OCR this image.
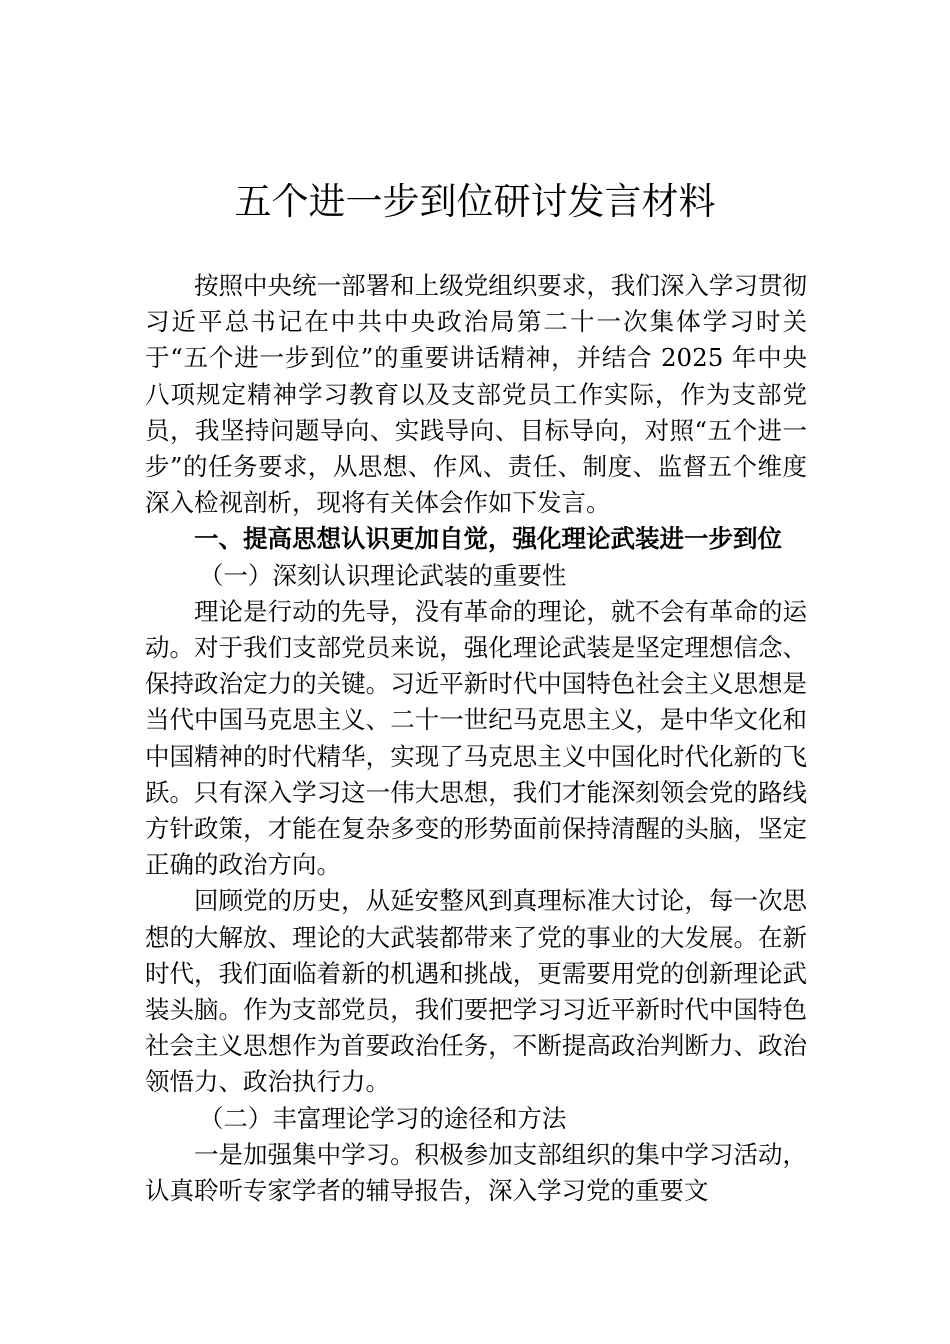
五个进一步到位研讨发言材料

按照中央统一部署和上级党组织要求，我们深入学习贯彻习近平总书记在中共中央政治局第二十一次集体学习时关于“五个进一步到位”的重要讲话精神，并结合 2025 年中央八项规定精神学习教育以及支部党员工作实际，作为支部党员，我坚持问题导向、实践导向、目标导向，对照“五个进一步”的任务要求，从思想、作风、责任、制度、监督五个维度深入检视剖析，现将有关体会作如下发言。

一、提高思想认识更加自觉，强化理论武装进一步到位

（一）深刻认识理论武装的重要性

理论是行动的先导，没有革命的理论，就不会有革命的运动。对于我们支部党员来说，强化理论武装是坚定理想信念、保持政治定力的关键。习近平新时代中国特色社会主义思想是当代中国马克思主义、二十一世纪马克思主义，是中华文化和中国精神的时代精华，实现了马克思主义中国化时代化新的飞跃。只有深入学习这一伟大思想，我们才能深刻领会党的路线方针政策，才能在复杂多变的形势面前保持清醒的头脑，坚定正确的政治方向。

回顾党的历史，从延安整风到真理标准大讨论，每一次思想的大解放、理论的大武装都带来了党的事业的大发展。在新时代，我们面临着新的机遇和挑战，更需要用党的创新理论武装头脑。作为支部党员，我们要把学习习近平新时代中国特色社会主义思想作为首要政治任务，不断提高政治判断力、政治领悟力、政治执行力。

（二）丰富理论学习的途径和方法

一是加强集中学习。积极参加支部组织的集中学习活动，认真聆听专家学者的辅导报告，深入学习党的重要文
